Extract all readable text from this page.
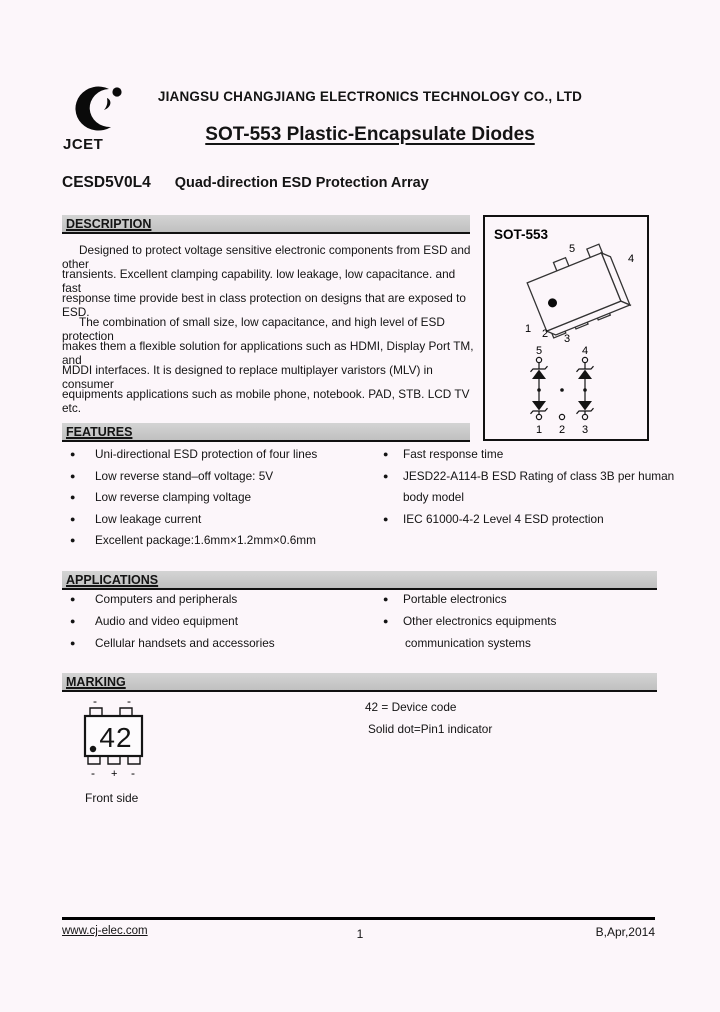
JCET
JIANGSU CHANGJIANG ELECTRONICS TECHNOLOGY CO., LTD
SOT-553 Plastic-Encapsulate Diodes
CESD5V0L4 Quad-direction ESD Protection Array
DESCRIPTION
Designed to protect voltage sensitive electronic components from ESD and other
transients. Excellent clamping capability. low leakage, low capacitance. and fast
response time provide best in class protection on designs that are exposed to ESD.
The combination of small size, low capacitance, and high level of ESD protection
makes them a flexible solution for applications such as HDMI, Display Port TM, and
MDDI interfaces. It is designed to replace multiplayer varistors (MLV) in consumer
equipments applications such as mobile phone, notebook. PAD, STB. LCD TV etc.
SOT-553
5
4
1 2 3
5	4
1 2 3
FEATURES
● Uni-directional ESD protection of four lines
● Low reverse stand–off voltage: 5V
● Low reverse clamping voltage
● Low leakage current
● Excellent package:1.6mm×1.2mm×0.6mm
● Fast response time
● JESD22-A114-B ESD Rating of class 3B per human
body model
● IEC 61000-4-2 Level 4 ESD protection
APPLICATIONS
● Computers and peripherals
● Audio and video equipment
● Cellular handsets and accessories
● Portable electronics
● Other electronics equipments
communication systems
MARKING
-	-
42
- + -
Front side
42 = Device code
Solid dot=Pin1 indicator
www.cj-elec.com	1	B,Apr,2014
